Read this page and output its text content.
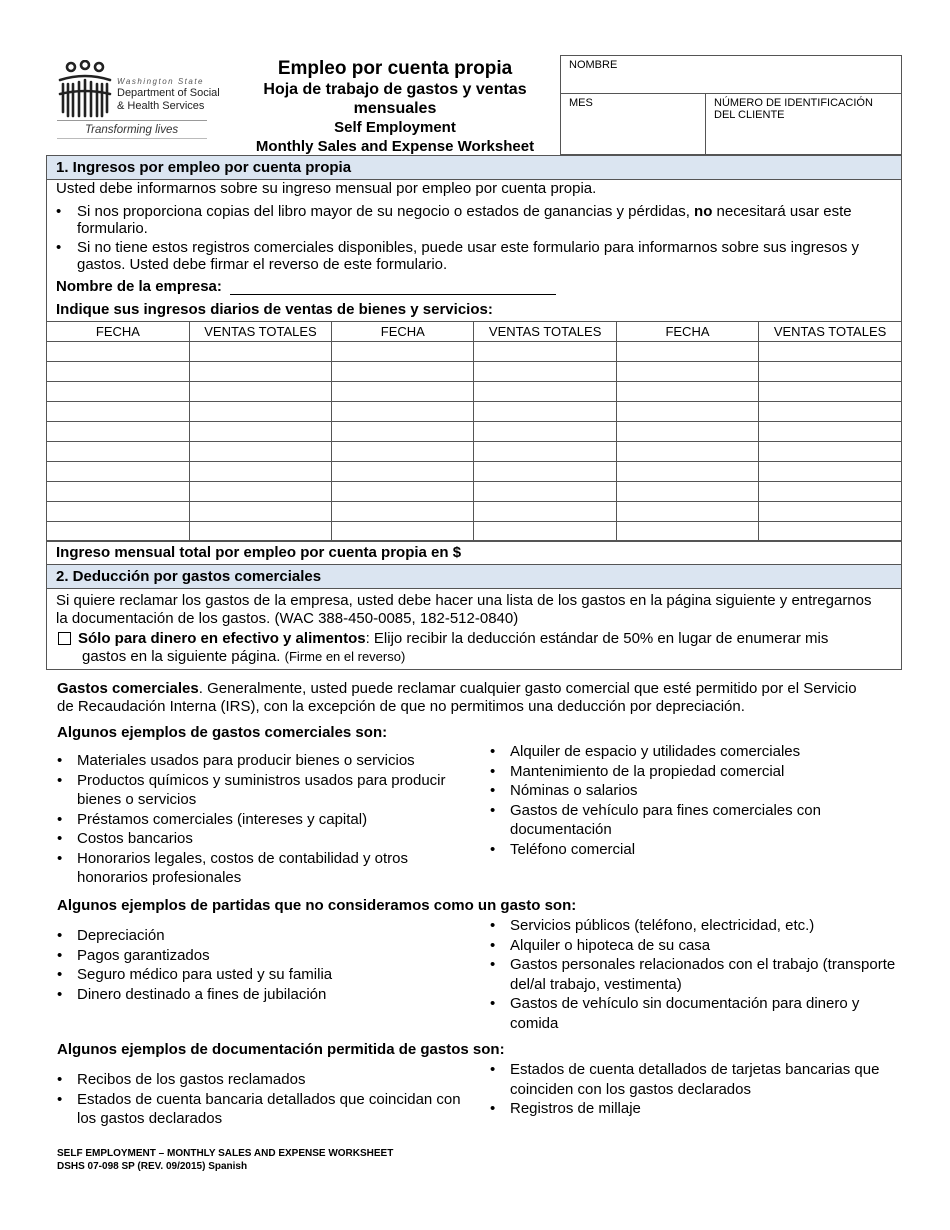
Washington State
Department of Social
& Health Services
Transforming lives
Empleo por cuenta propia
Hoja de trabajo de gastos y ventas
mensuales
Self Employment
Monthly Sales and Expense Worksheet
NOMBRE
MES	NÚMERO DE IDENTIFICACIÓN
DEL CLIENTE
1. Ingresos por empleo por cuenta propia
Usted debe informarnos sobre su ingreso mensual por empleo por cuenta propia.
•	Si nos proporciona copias del libro mayor de su negocio o estados de ganancias y pérdidas, no necesitará usar este
formulario.
•	Si no tiene estos registros comerciales disponibles, puede usar este formulario para informarnos sobre sus ingresos y
gastos. Usted debe firmar el reverso de este formulario.
Nombre de la empresa:
Indique sus ingresos diarios de ventas de bienes y servicios:
FECHA	VENTAS TOTALES	FECHA	VENTAS TOTALES	FECHA	VENTAS TOTALES

Ingreso mensual total por empleo por cuenta propia en $
2. Deducción por gastos comerciales
Si quiere reclamar los gastos de la empresa, usted debe hacer una lista de los gastos en la página siguiente y entregarnos
la documentación de los gastos. (WAC 388-450-0085, 182-512-0840)
Sólo para dinero en efectivo y alimentos: Elijo recibir la deducción estándar de 50% en lugar de enumerar mis
gastos en la siguiente página. (Firme en el reverso)
Gastos comerciales. Generalmente, usted puede reclamar cualquier gasto comercial que esté permitido por el Servicio
de Recaudación Interna (IRS), con la excepción de que no permitimos una deducción por depreciación.
Algunos ejemplos de gastos comerciales son:
• Materiales usados para producir bienes o servicios
• Productos químicos y suministros usados para producir bienes o servicios
• Préstamos comerciales (intereses y capital)
• Costos bancarios
• Honorarios legales, costos de contabilidad y otros honorarios profesionales
• Alquiler de espacio y utilidades comerciales
• Mantenimiento de la propiedad comercial
• Nóminas o salarios
• Gastos de vehículo para fines comerciales con documentación
• Teléfono comercial
Algunos ejemplos de partidas que no consideramos como un gasto son:
• Depreciación
• Pagos garantizados
• Seguro médico para usted y su familia
• Dinero destinado a fines de jubilación
• Servicios públicos (teléfono, electricidad, etc.)
• Alquiler o hipoteca de su casa
• Gastos personales relacionados con el trabajo (transporte del/al trabajo, vestimenta)
• Gastos de vehículo sin documentación para dinero y comida
Algunos ejemplos de documentación permitida de gastos son:
• Recibos de los gastos reclamados
• Estados de cuenta bancaria detallados que coincidan con los gastos declarados
• Estados de cuenta detallados de tarjetas bancarias que coinciden con los gastos declarados
• Registros de millaje
SELF EMPLOYMENT – MONTHLY SALES AND EXPENSE WORKSHEET
DSHS 07-098 SP (REV. 09/2015) Spanish
